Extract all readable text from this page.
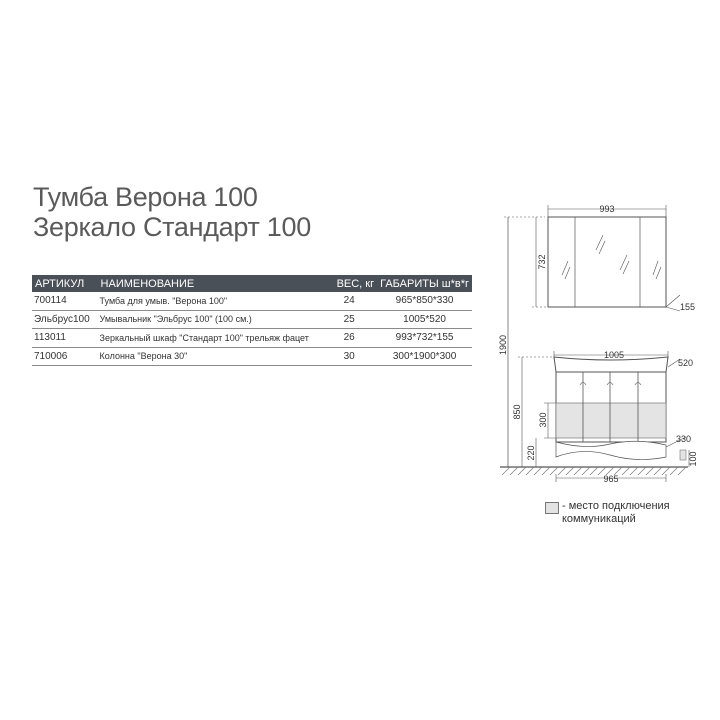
Тумба Верона 100
Зеркало Стандарт 100
АРТИКУЛ	НАИМЕНОВАНИЕ	ВЕС, кг	ГАБАРИТЫ ш*в*г
700114	Тумба для умыв. "Верона 100"	24	965*850*330
Эльбрус100	Умывальник "Эльбрус 100" (100 см.)	25	1005*520
113011	Зеркальный шкаф "Стандарт 100" трельяж фацет	26	993*732*155
710006	Колонна "Верона 30"	30	300*1900*300
1900
993
732
155
1005
520
850
300
220
965
330
100
- место подключения
коммуникаций
